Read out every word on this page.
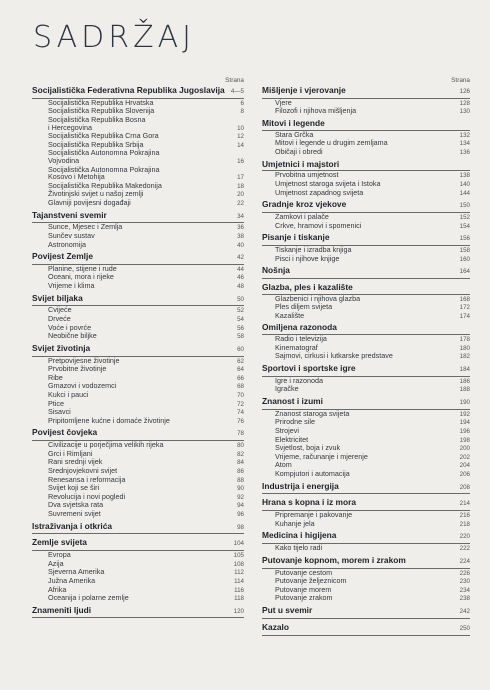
SADRŽAJ
Strana
Socijalistička Federativna Republika Jugoslavija	4—5
Socijalistička Republika Hrvatska	6
Socijalistička Republika Slovenija	8
Socijalistička Republika Bosna
i Hercegovina	10
Socijalistička Republika Crna Gora	12
Socijalistička Republika Srbija	14
Socijalistička Autonomna Pokrajina
Vojvodina	16
Socijalistička Autonomna Pokrajina
Kosovo i Metohija	17
Socijalistička Republika Makedonija	18
Životinjski svijet u našoj zemlji	20
Glavniji povijesni događaji	22
Tajanstveni svemir	34
Sunce, Mjesec i Zemlja	36
Sunčev sustav	38
Astronomija	40
Povijest Zemlje	42
Planine, stijene i rude	44
Oceani, mora i rijeke	46
Vrijeme i klima	48
Svijet biljaka	50
Cvijeće	52
Drveće	54
Voće i povrće	56
Neobične biljke	58
Svijet životinja	60
Pretpovijesne životinje	62
Prvobitne životinje	64
Ribe	66
Gmazovi i vodozemci	68
Kukci i pauci	70
Ptice	72
Sisavci	74
Pripitomljene kućne i domaće životinje	76
Povijest čovjeka	78
Civilizacije u porječjima velikih rijeka	80
Grci i Rimljani	82
Rani srednji vijek	84
Srednjovjekovni svijet	86
Renesansa i reformacija	88
Svijet koji se širi	90
Revolucija i novi pogledi	92
Dva svjetska rata	94
Suvremeni svijet	96
Istraživanja i otkrića	98
Zemlje svijeta	104
Evropa	105
Azija	108
Sjeverna Amerika	112
Južna Amerika	114
Afrika	116
Oceanija i polarne zemlje	118
Znameniti ljudi	120
Strana
Mišljenje i vjerovanje	126
Vjere	128
Filozofi i njihova mišljenja	130
Mitovi i legende
Stara Grčka	132
Mitovi i legende u drugim zemljama	134
Običaji i obredi	136
Umjetnici i majstori
Prvobitna umjetnost	138
Umjetnost staroga svijeta i Istoka	140
Umjetnost zapadnog svijeta	144
Gradnje kroz vjekove	150
Zamkovi i palače	152
Crkve, hramovi i spomenici	154
Pisanje i tiskanje	156
Tiskanje i izradba knjiga	158
Pisci i njihove knjige	160
Nošnja	164
Glazba, ples i kazalište
Glazbenici i njihova glazba	168
Ples diljem svijeta	172
Kazalište	174
Omiljena razonoda
Radio i televizija	178
Kinematograf	180
Sajmovi, cirkusi i lutkarske predstave	182
Sportovi i sportske igre	184
Igre i razonoda	186
Igračke	188
Znanost i izumi	190
Znanost staroga svijeta	192
Prirodne sile	194
Strojevi	196
Elektricitet	198
Svjetlost, boja i zvuk	200
Vrijeme, računanje i mjerenje	202
Atom	204
Kompjutori i automacija	206
Industrija i energija	208
Hrana s kopna i iz mora	214
Pripremanje i pakovanje	216
Kuhanje jela	218
Medicina i higijena	220
Kako tijelo radi	222
Putovanje kopnom, morem i zrakom	224
Putovanje cestom	226
Putovanje željeznicom	230
Putovanje morem	234
Putovanje zrakom	238
Put u svemir	242
Kazalo	250
